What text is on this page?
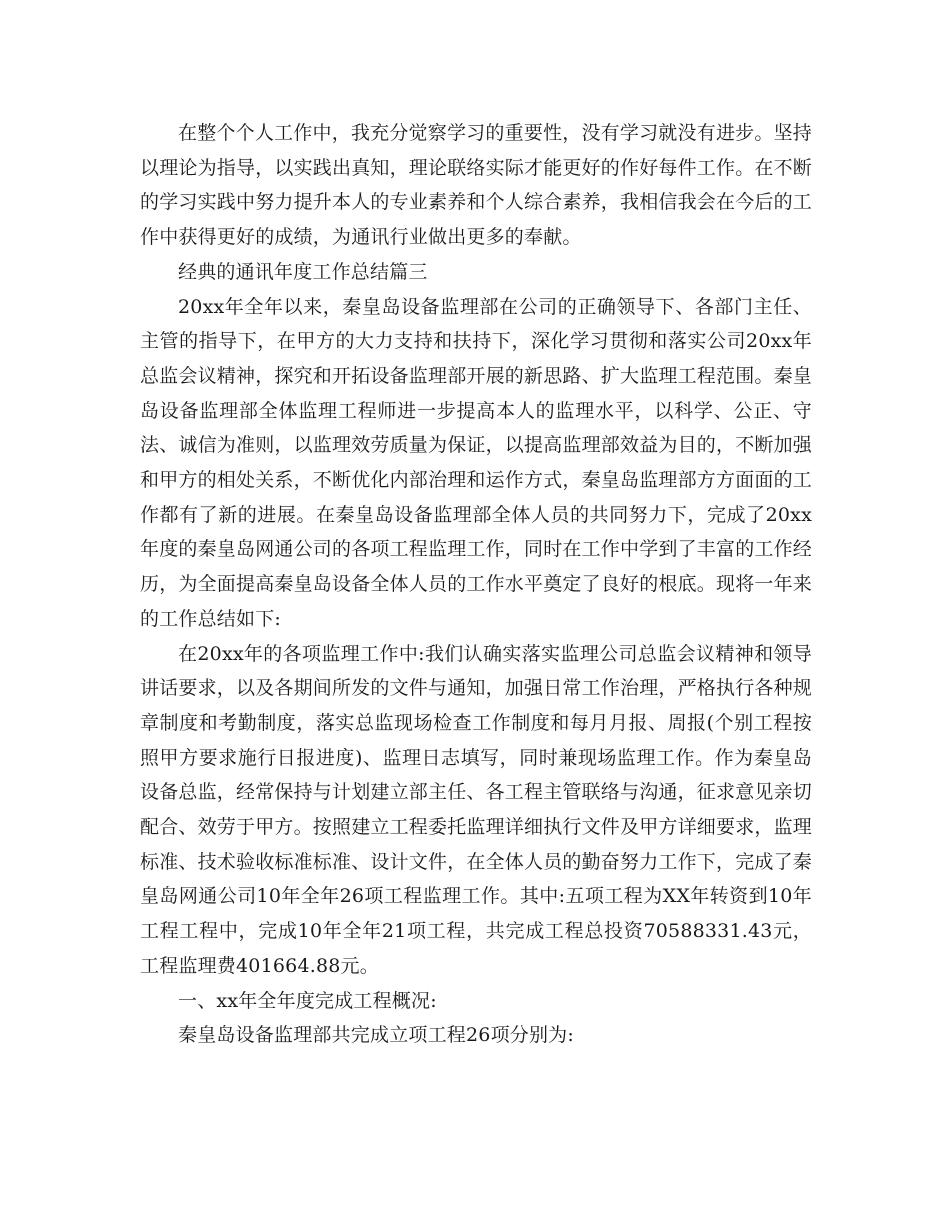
在整个个人工作中，我充分觉察学习的重要性，没有学习就没有进步。坚持以理论为指导，以实践出真知，理论联络实际才能更好的作好每件工作。在不断的学习实践中努力提升本人的专业素养和个人综合素养，我相信我会在今后的工作中获得更好的成绩，为通讯行业做出更多的奉献。

经典的通讯年度工作总结篇三

20xx年全年以来，秦皇岛设备监理部在公司的正确领导下、各部门主任、主管的指导下，在甲方的大力支持和扶持下，深化学习贯彻和落实公司20xx年总监会议精神，探究和开拓设备监理部开展的新思路、扩大监理工程范围。秦皇岛设备监理部全体监理工程师进一步提高本人的监理水平，以科学、公正、守法、诚信为准则，以监理效劳质量为保证，以提高监理部效益为目的，不断加强和甲方的相处关系，不断优化内部治理和运作方式，秦皇岛监理部方方面面的工作都有了新的进展。在秦皇岛设备监理部全体人员的共同努力下，完成了20xx年度的秦皇岛网通公司的各项工程监理工作，同时在工作中学到了丰富的工作经历，为全面提高秦皇岛设备全体人员的工作水平奠定了良好的根底。现将一年来的工作总结如下:

在20xx年的各项监理工作中:我们认确实落实监理公司总监会议精神和领导讲话要求，以及各期间所发的文件与通知，加强日常工作治理，严格执行各种规章制度和考勤制度，落实总监现场检查工作制度和每月月报、周报(个别工程按照甲方要求施行日报进度)、监理日志填写，同时兼现场监理工作。作为秦皇岛设备总监，经常保持与计划建立部主任、各工程主管联络与沟通，征求意见亲切配合、效劳于甲方。按照建立工程委托监理详细执行文件及甲方详细要求，监理标准、技术验收标准标准、设计文件，在全体人员的勤奋努力工作下，完成了秦皇岛网通公司10年全年26项工程监理工作。其中:五项工程为XX年转资到10年工程工程中，完成10年全年21项工程，共完成工程总投资70588331.43元，工程监理费401664.88元。

一、xx年全年度完成工程概况:

秦皇岛设备监理部共完成立项工程26项分别为:
